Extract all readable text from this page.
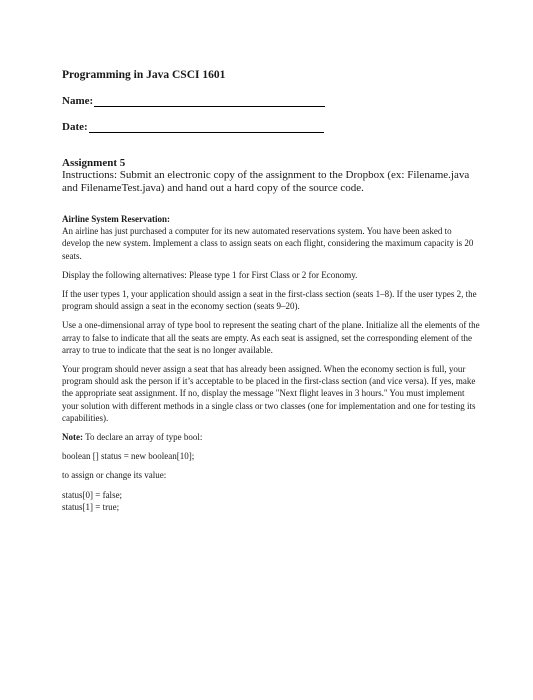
Programming in Java CSCI 1601
Name:
Date:
Assignment 5
Instructions: Submit an electronic copy of the assignment to the Dropbox (ex: Filename.java and FilenameTest.java) and hand out a hard copy of the source code.

Airline System Reservation:

An airline has just purchased a computer for its new automated reservations system. You have been asked to develop the new system. Implement a class to assign seats on each flight, considering the maximum capacity is 20 seats.

Display the following alternatives: Please type 1 for First Class or 2 for Economy.

If the user types 1, your application should assign a seat in the first-class section (seats 1–8). If the user types 2, the program should assign a seat in the economy section (seats 9–20).

Use a one-dimensional array of type bool to represent the seating chart of the plane. Initialize all the elements of the array to false to indicate that all the seats are empty. As each seat is assigned, set the corresponding element of the array to true to indicate that the seat is no longer available.

Your program should never assign a seat that has already been assigned. When the economy section is full, your program should ask the person if it’s acceptable to be placed in the first-class section (and vice versa). If yes, make the appropriate seat assignment. If no, display the message "Next flight leaves in 3 hours." You must implement your solution with different methods in a single class or two classes (one for implementation and one for testing its capabilities).

Note: To declare an array of type bool:

boolean [] status = new boolean[10];

to assign or change its value:

status[0] = false;

status[1] = true;
